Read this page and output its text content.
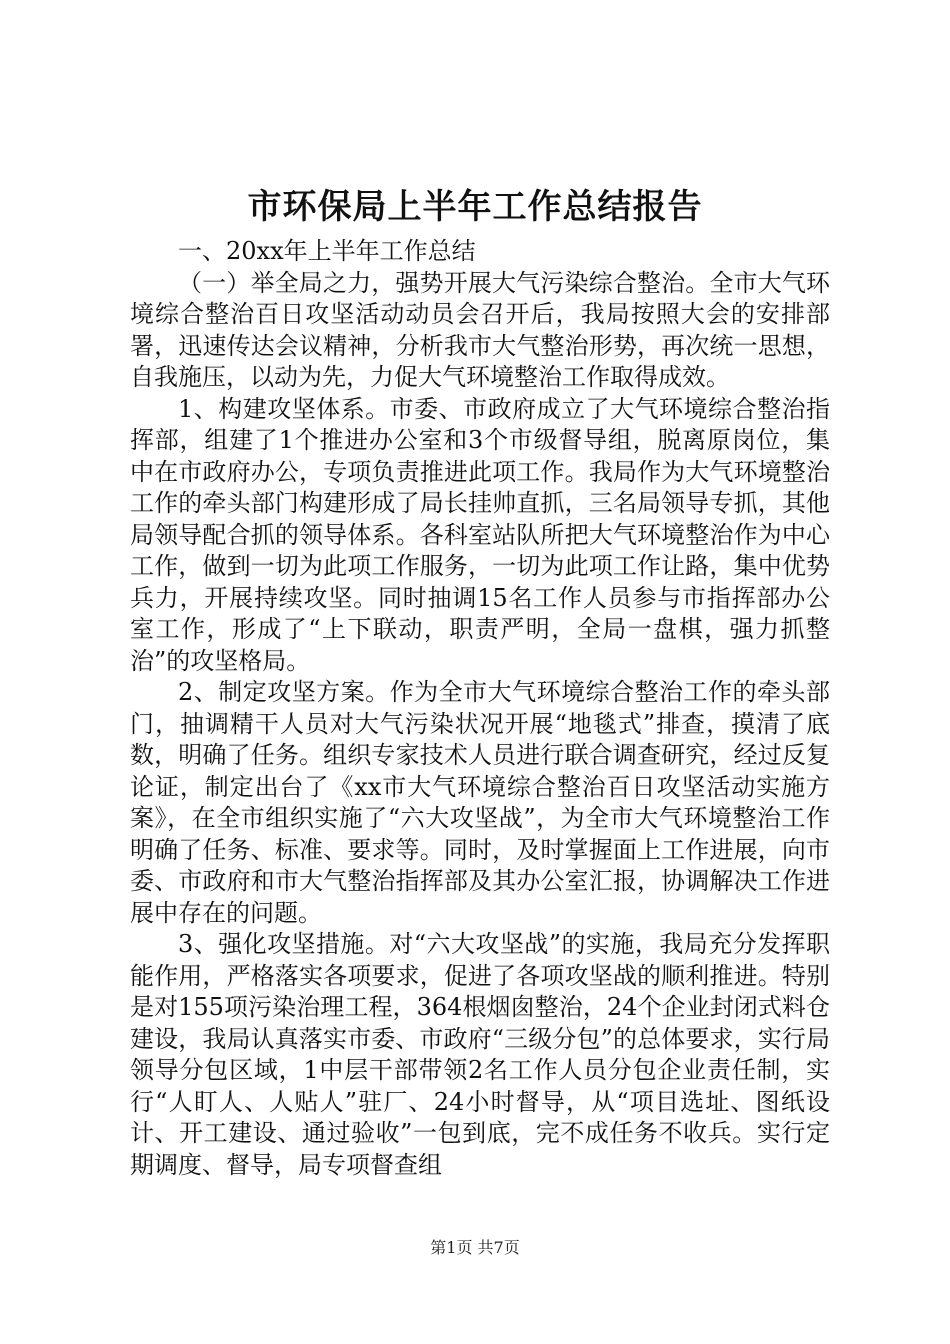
市环保局上半年工作总结报告

一、20xx年上半年工作总结

（一）举全局之力，强势开展大气污染综合整治。全市大气环境综合整治百日攻坚活动动员会召开后，我局按照大会的安排部署，迅速传达会议精神，分析我市大气整治形势，再次统一思想，自我施压，以动为先，力促大气环境整治工作取得成效。

1、构建攻坚体系。市委、市政府成立了大气环境综合整治指挥部，组建了1个推进办公室和3个市级督导组，脱离原岗位，集中在市政府办公，专项负责推进此项工作。我局作为大气环境整治工作的牵头部门构建形成了局长挂帅直抓，三名局领导专抓，其他局领导配合抓的领导体系。各科室站队所把大气环境整治作为中心工作，做到一切为此项工作服务，一切为此项工作让路，集中优势兵力，开展持续攻坚。同时抽调15名工作人员参与市指挥部办公室工作，形成了“上下联动，职责严明，全局一盘棋，强力抓整治”的攻坚格局。

2、制定攻坚方案。作为全市大气环境综合整治工作的牵头部门，抽调精干人员对大气污染状况开展“地毯式”排查，摸清了底数，明确了任务。组织专家技术人员进行联合调查研究，经过反复论证，制定出台了《xx市大气环境综合整治百日攻坚活动实施方案》，在全市组织实施了“六大攻坚战”，为全市大气环境整治工作明确了任务、标准、要求等。同时，及时掌握面上工作进展，向市委、市政府和市大气整治指挥部及其办公室汇报，协调解决工作进展中存在的问题。

3、强化攻坚措施。对“六大攻坚战”的实施，我局充分发挥职能作用，严格落实各项要求，促进了各项攻坚战的顺利推进。特别是对155项污染治理工程，364根烟囱整治，24个企业封闭式料仓建设，我局认真落实市委、市政府“三级分包”的总体要求，实行局领导分包区域，1中层干部带领2名工作人员分包企业责任制，实行“人盯人、人贴人”驻厂、24小时督导，从“项目选址、图纸设计、开工建设、通过验收”一包到底，完不成任务不收兵。实行定期调度、督导，局专项督查组

第1页 共7页
